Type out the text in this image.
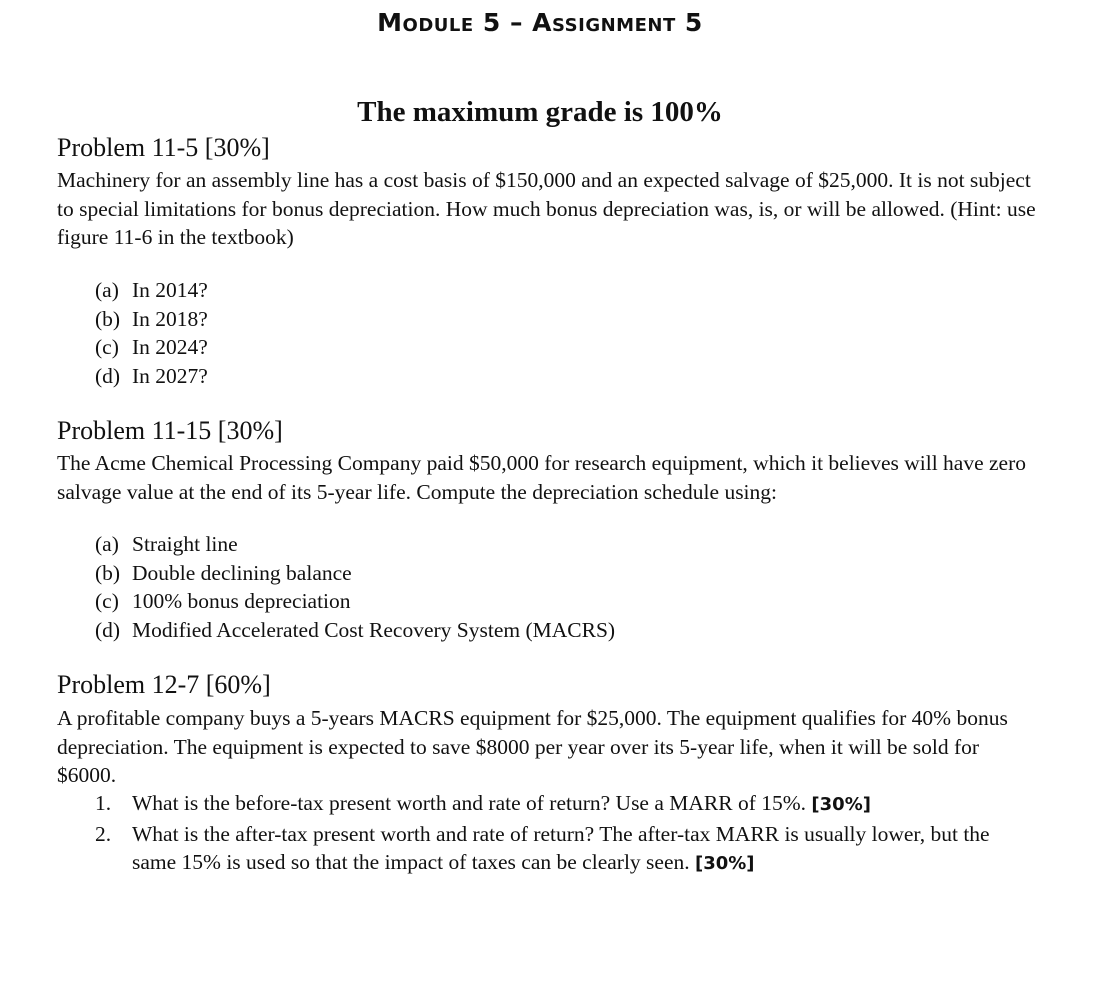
Module 5 – Assignment 5
The maximum grade is 100%
Problem 11-5 [30%]
Machinery for an assembly line has a cost basis of $150,000 and an expected salvage of $25,000. It is not subject to special limitations for bonus depreciation. How much bonus depreciation was, is, or will be allowed. (Hint: use figure 11-6 in the textbook)
(a) In 2014?
(b) In 2018?
(c) In 2024?
(d) In 2027?
Problem 11-15 [30%]
The Acme Chemical Processing Company paid $50,000 for research equipment, which it believes will have zero salvage value at the end of its 5-year life. Compute the depreciation schedule using:
(a) Straight line
(b) Double declining balance
(c) 100% bonus depreciation
(d) Modified Accelerated Cost Recovery System (MACRS)
Problem 12-7 [60%]
A profitable company buys a 5-years MACRS equipment for $25,000. The equipment qualifies for 40% bonus depreciation. The equipment is expected to save $8000 per year over its 5-year life, when it will be sold for $6000.
1. What is the before-tax present worth and rate of return? Use a MARR of 15%. [30%]
2. What is the after-tax present worth and rate of return? The after-tax MARR is usually lower, but the same 15% is used so that the impact of taxes can be clearly seen. [30%]
